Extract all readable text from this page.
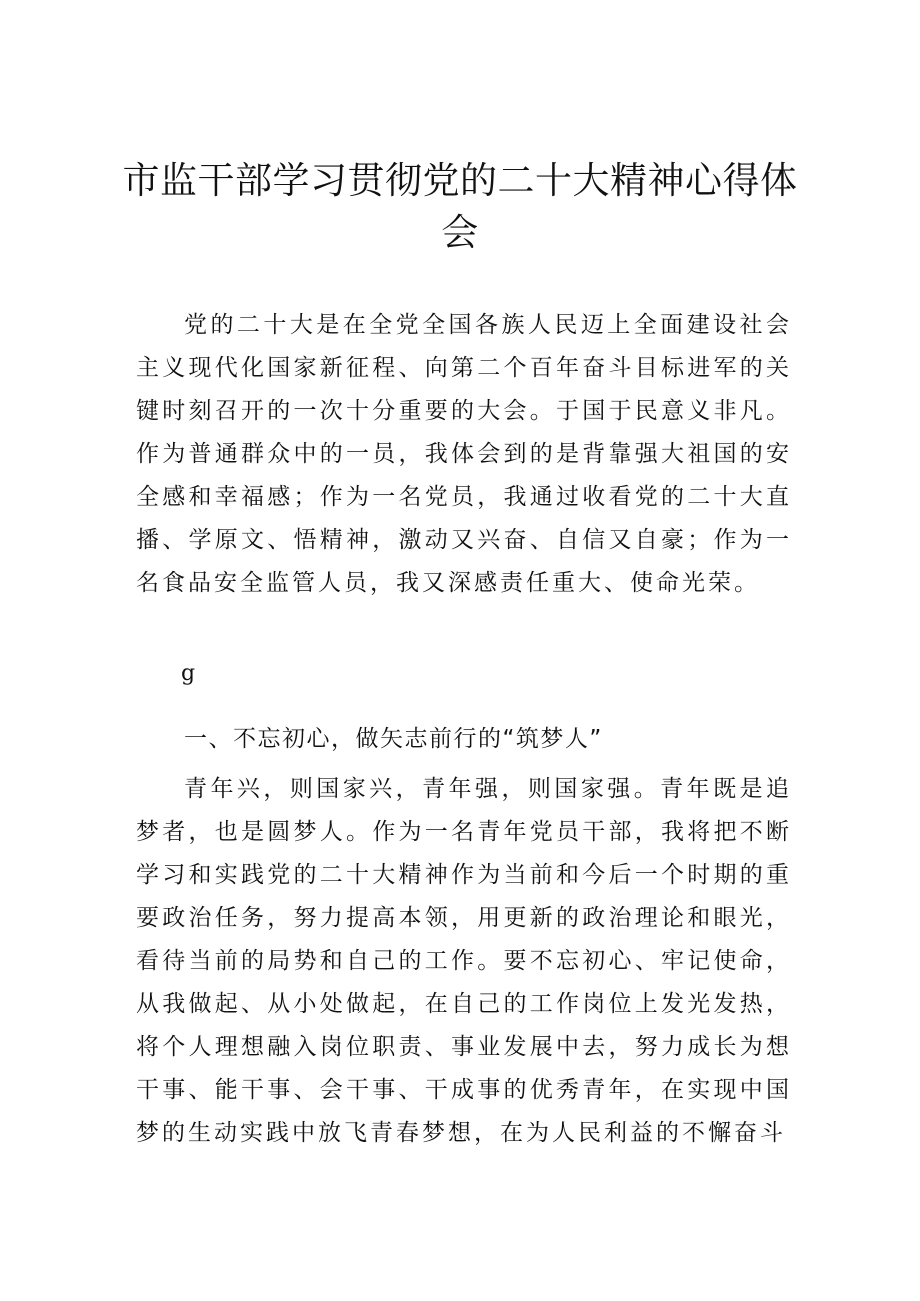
市监干部学习贯彻党的二十大精神心得体
会

党的二十大是在全党全国各族人民迈上全面建设社会主义现代化国家新征程、向第二个百年奋斗目标进军的关键时刻召开的一次十分重要的大会。于国于民意义非凡。作为普通群众中的一员，我体会到的是背靠强大祖国的安全感和幸福感；作为一名党员，我通过收看党的二十大直播、学原文、悟精神，激动又兴奋、自信又自豪；作为一名食品安全监管人员，我又深感责任重大、使命光荣。

g
一、不忘初心，做矢志前行的“筑梦人”

青年兴，则国家兴，青年强，则国家强。青年既是追梦者，也是圆梦人。作为一名青年党员干部，我将把不断学习和实践党的二十大精神作为当前和今后一个时期的重要政治任务，努力提高本领，用更新的政治理论和眼光，看待当前的局势和自己的工作。要不忘初心、牢记使命，从我做起、从小处做起，在自己的工作岗位上发光发热，将个人理想融入岗位职责、事业发展中去，努力成长为想干事、能干事、会干事、干成事的优秀青年，在实现中国梦的生动实践中放飞青春梦想，在为人民利益的不懈奋斗
